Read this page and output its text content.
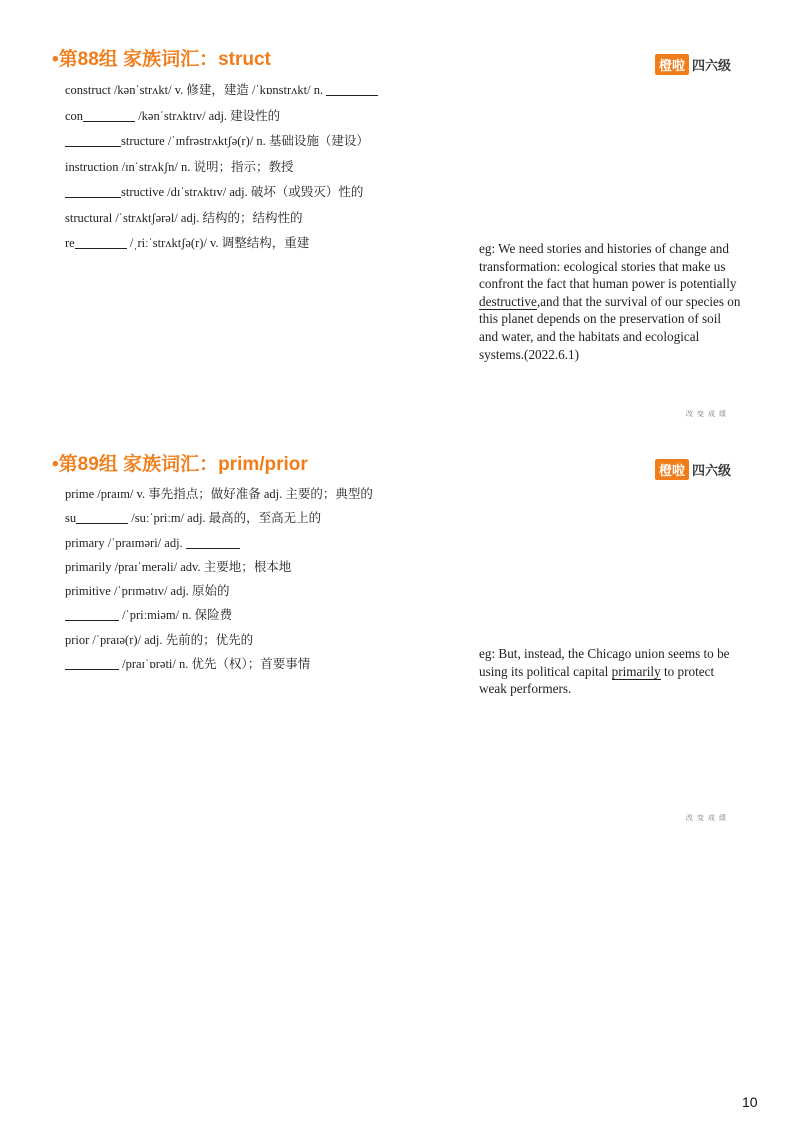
•第88组 家族词汇：struct	橙啦 四六级
construct /kənˈstrʌkt/ v. 修建，建造 /ˈkɒnstrʌkt/ n.
con	/kənˈstrʌktɪv/ adj. 建设性的
structure /ˈɪnfrəstrʌktʃə(r)/ n. 基础设施（建设）
instruction /ɪnˈstrʌkʃn/ n. 说明；指示；教授
structive /dɪˈstrʌktɪv/ adj. 破坏（或毁灭）性的
structural /ˈstrʌktʃərəl/ adj. 结构的；结构性的
re	/ˌriːˈstrʌktʃə(r)/ v. 调整结构，重建	eg: We need stories and histories of change and transformation: ecological stories that make us confront the fact that human power is potentially destructive,and that the survival of our species on this planet depends on the preservation of soil and water, and the habitats and ecological systems.(2022.6.1)
改变成绩
•第89组 家族词汇：prim/prior	橙啦 四六级
prime /praɪm/ v. 事先指点；做好准备 adj. 主要的；典型的
su	/suːˈpriːm/ adj. 最高的，至高无上的
primary /ˈpraɪməri/ adj.
primarily /praɪˈmerəli/ adv. 主要地；根本地
primitive /ˈprɪmətɪv/ adj. 原始的
/ˈpriːmiəm/ n. 保险费
prior /ˈpraɪə(r)/ adj. 先前的；优先的
/praɪˈɒrəti/ n. 优先（权）；首要事情
eg: But, instead, the Chicago union seems to be using its political capital primarily to protect weak performers.
改变成绩
10
